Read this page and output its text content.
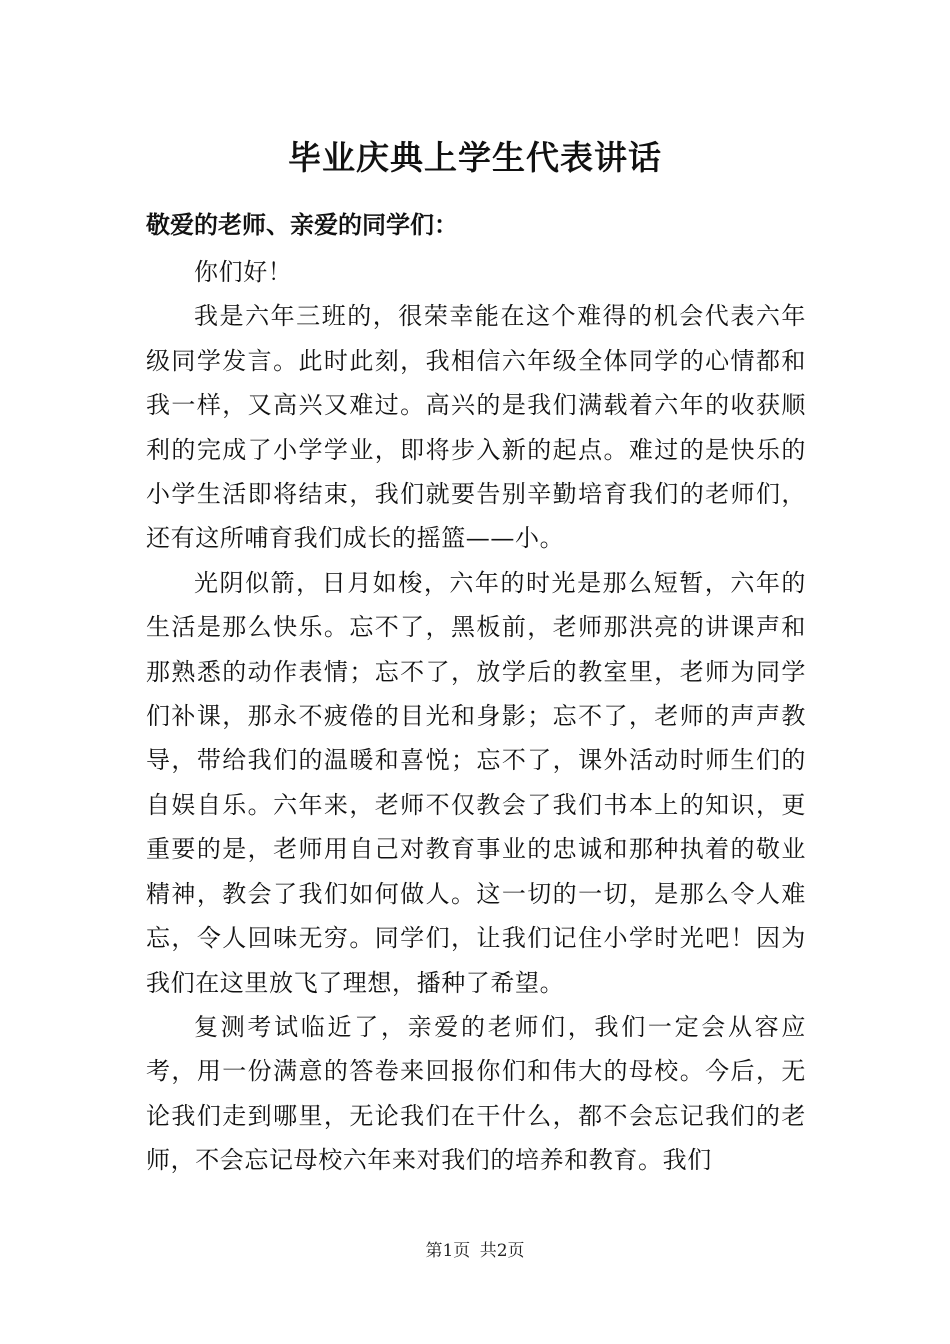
毕业庆典上学生代表讲话
敬爱的老师、亲爱的同学们：

你们好！

我是六年三班的，很荣幸能在这个难得的机会代表六年级同学发言。此时此刻，我相信六年级全体同学的心情都和我一样，又高兴又难过。高兴的是我们满载着六年的收获顺利的完成了小学学业，即将步入新的起点。难过的是快乐的小学生活即将结束，我们就要告别辛勤培育我们的老师们，还有这所哺育我们成长的摇篮——小。

光阴似箭，日月如梭，六年的时光是那么短暂，六年的生活是那么快乐。忘不了，黑板前，老师那洪亮的讲课声和那熟悉的动作表情；忘不了，放学后的教室里，老师为同学们补课，那永不疲倦的目光和身影；忘不了，老师的声声教导，带给我们的温暖和喜悦；忘不了，课外活动时师生们的自娱自乐。六年来，老师不仅教会了我们书本上的知识，更重要的是，老师用自己对教育事业的忠诚和那种执着的敬业精神，教会了我们如何做人。这一切的一切，是那么令人难忘，令人回味无穷。同学们，让我们记住小学时光吧！因为我们在这里放飞了理想，播种了希望。

复测考试临近了，亲爱的老师们，我们一定会从容应考，用一份满意的答卷来回报你们和伟大的母校。今后，无论我们走到哪里，无论我们在干什么，都不会忘记我们的老师，不会忘记母校六年来对我们的培养和教育。我们

第1页 共2页
